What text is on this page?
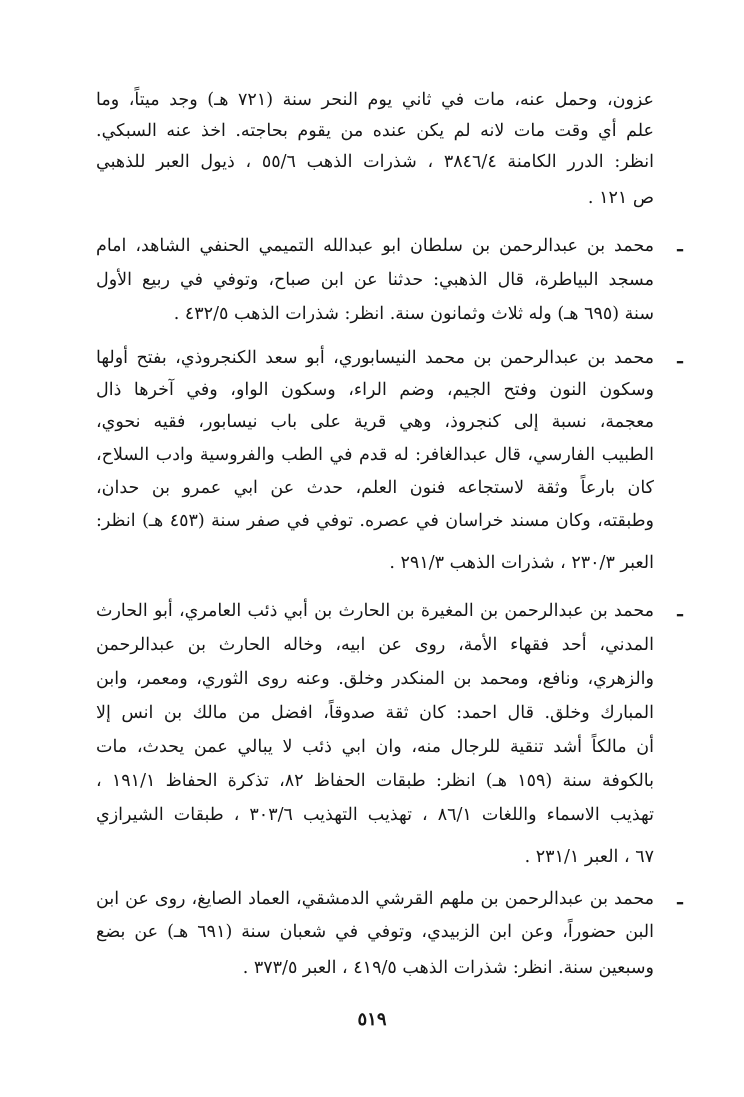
عزون، وحمل عنه، مات في ثاني يوم النحر سنة (٧٢١ هـ) وجد ميتاً، وما
علم أي وقت مات لانه لم يكن عنده من يقوم بحاجته. اخذ عنه السبكي.
انظر: الدرر الكامنة ٣٨٤٦/٤ ، شذرات الذهب ٥٥/٦ ، ذيول العبر للذهبي
ص ١٢١ .
ـ
محمد بن عبدالرحمن بن سلطان ابو عبدالله التميمي الحنفي الشاهد، امام
مسجد البياطرة، قال الذهبي: حدثنا عن ابن صباح، وتوفي في ربيع الأول
سنة (٦٩٥ هـ) وله ثلاث وثمانون سنة. انظر: شذرات الذهب ٤٣٢/٥ .
ـ
محمد بن عبدالرحمن بن محمد النيسابوري، أبو سعد الكنجروذي، بفتح أولها
وسكون النون وفتح الجيم، وضم الراء، وسكون الواو، وفي آخرها ذال
معجمة، نسبة إلى كنجروذ، وهي قرية على باب نيسابور، فقيه نحوي،
الطبيب الفارسي، قال عبدالغافر: له قدم في الطب والفروسية وادب السلاح،
كان بارعاً وثقة لاستجاعه فنون العلم، حدث عن ابي عمرو بن حدان،
وطبقته، وكان مسند خراسان في عصره. توفي في صفر سنة (٤٥٣ هـ) انظر:
العبر ٢٣٠/٣ ، شذرات الذهب ٢٩١/٣ .
ـ
محمد بن عبدالرحمن بن المغيرة بن الحارث بن أبي ذئب العامري، أبو الحارث
المدني، أحد فقهاء الأمة، روى عن ابيه، وخاله الحارث بن عبدالرحمن
والزهري، ونافع، ومحمد بن المنكدر وخلق. وعنه روى الثوري، ومعمر، وابن
المبارك وخلق. قال احمد: كان ثقة صدوقاً، افضل من مالك بن انس إلا
أن مالكاً أشد تنقية للرجال منه، وان ابي ذئب لا يبالي عمن يحدث، مات
بالكوفة سنة (١٥٩ هـ) انظر: طبقات الحفاظ ٨٢، تذكرة الحفاظ ١٩١/١ ،
تهذيب الاسماء واللغات ٨٦/١ ، تهذيب التهذيب ٣٠٣/٦ ، طبقات الشيرازي
٦٧ ، العبر ٢٣١/١ .
ـ
محمد بن عبدالرحمن بن ملهم القرشي الدمشقي، العماد الصايغ، روى عن ابن
البن حضوراً، وعن ابن الزبيدي، وتوفي في شعبان سنة (٦٩١ هـ) عن بضع
وسبعين سنة. انظر: شذرات الذهب ٤١٩/٥ ، العبر ٣٧٣/٥ .
٥١٩
